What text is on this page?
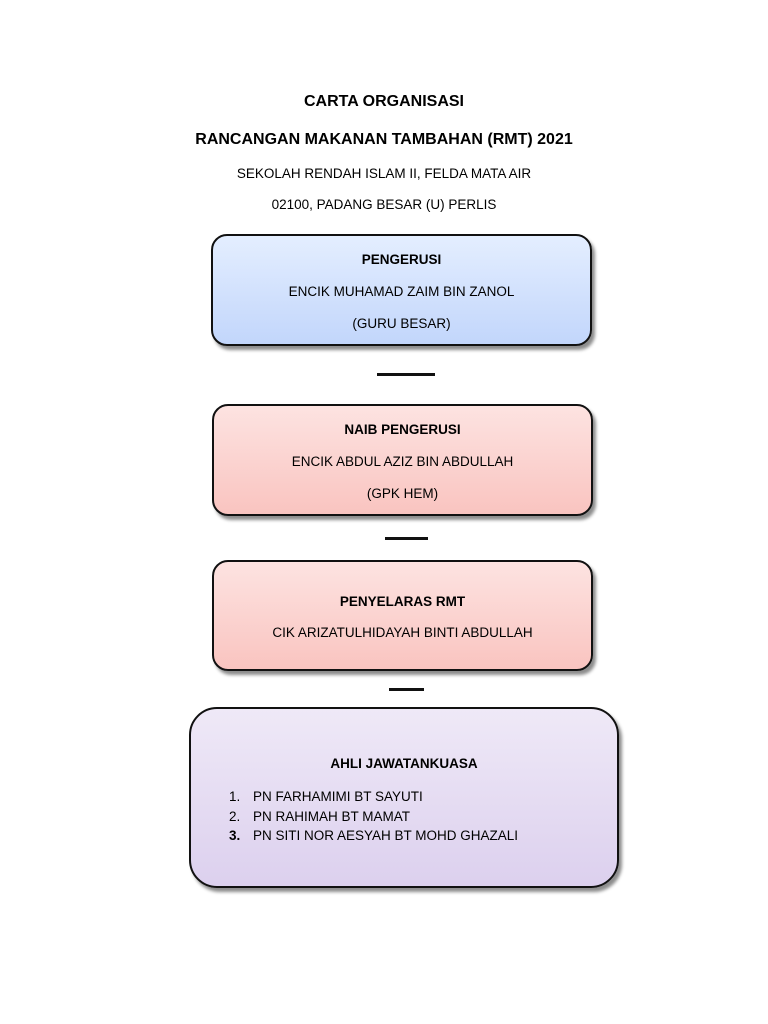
CARTA ORGANISASI
RANCANGAN MAKANAN TAMBAHAN (RMT) 2021
SEKOLAH RENDAH ISLAM II, FELDA MATA AIR
02100, PADANG BESAR (U) PERLIS
PENGERUSI
ENCIK MUHAMAD ZAIM BIN ZANOL
(GURU BESAR)
NAIB PENGERUSI
ENCIK ABDUL AZIZ BIN ABDULLAH
(GPK HEM)
PENYELARAS RMT
CIK ARIZATULHIDAYAH BINTI ABDULLAH
AHLI JAWATANKUASA
1. PN FARHAMIMI BT SAYUTI
2. PN RAHIMAH BT MAMAT
3. PN SITI NOR AESYAH BT MOHD GHAZALI
